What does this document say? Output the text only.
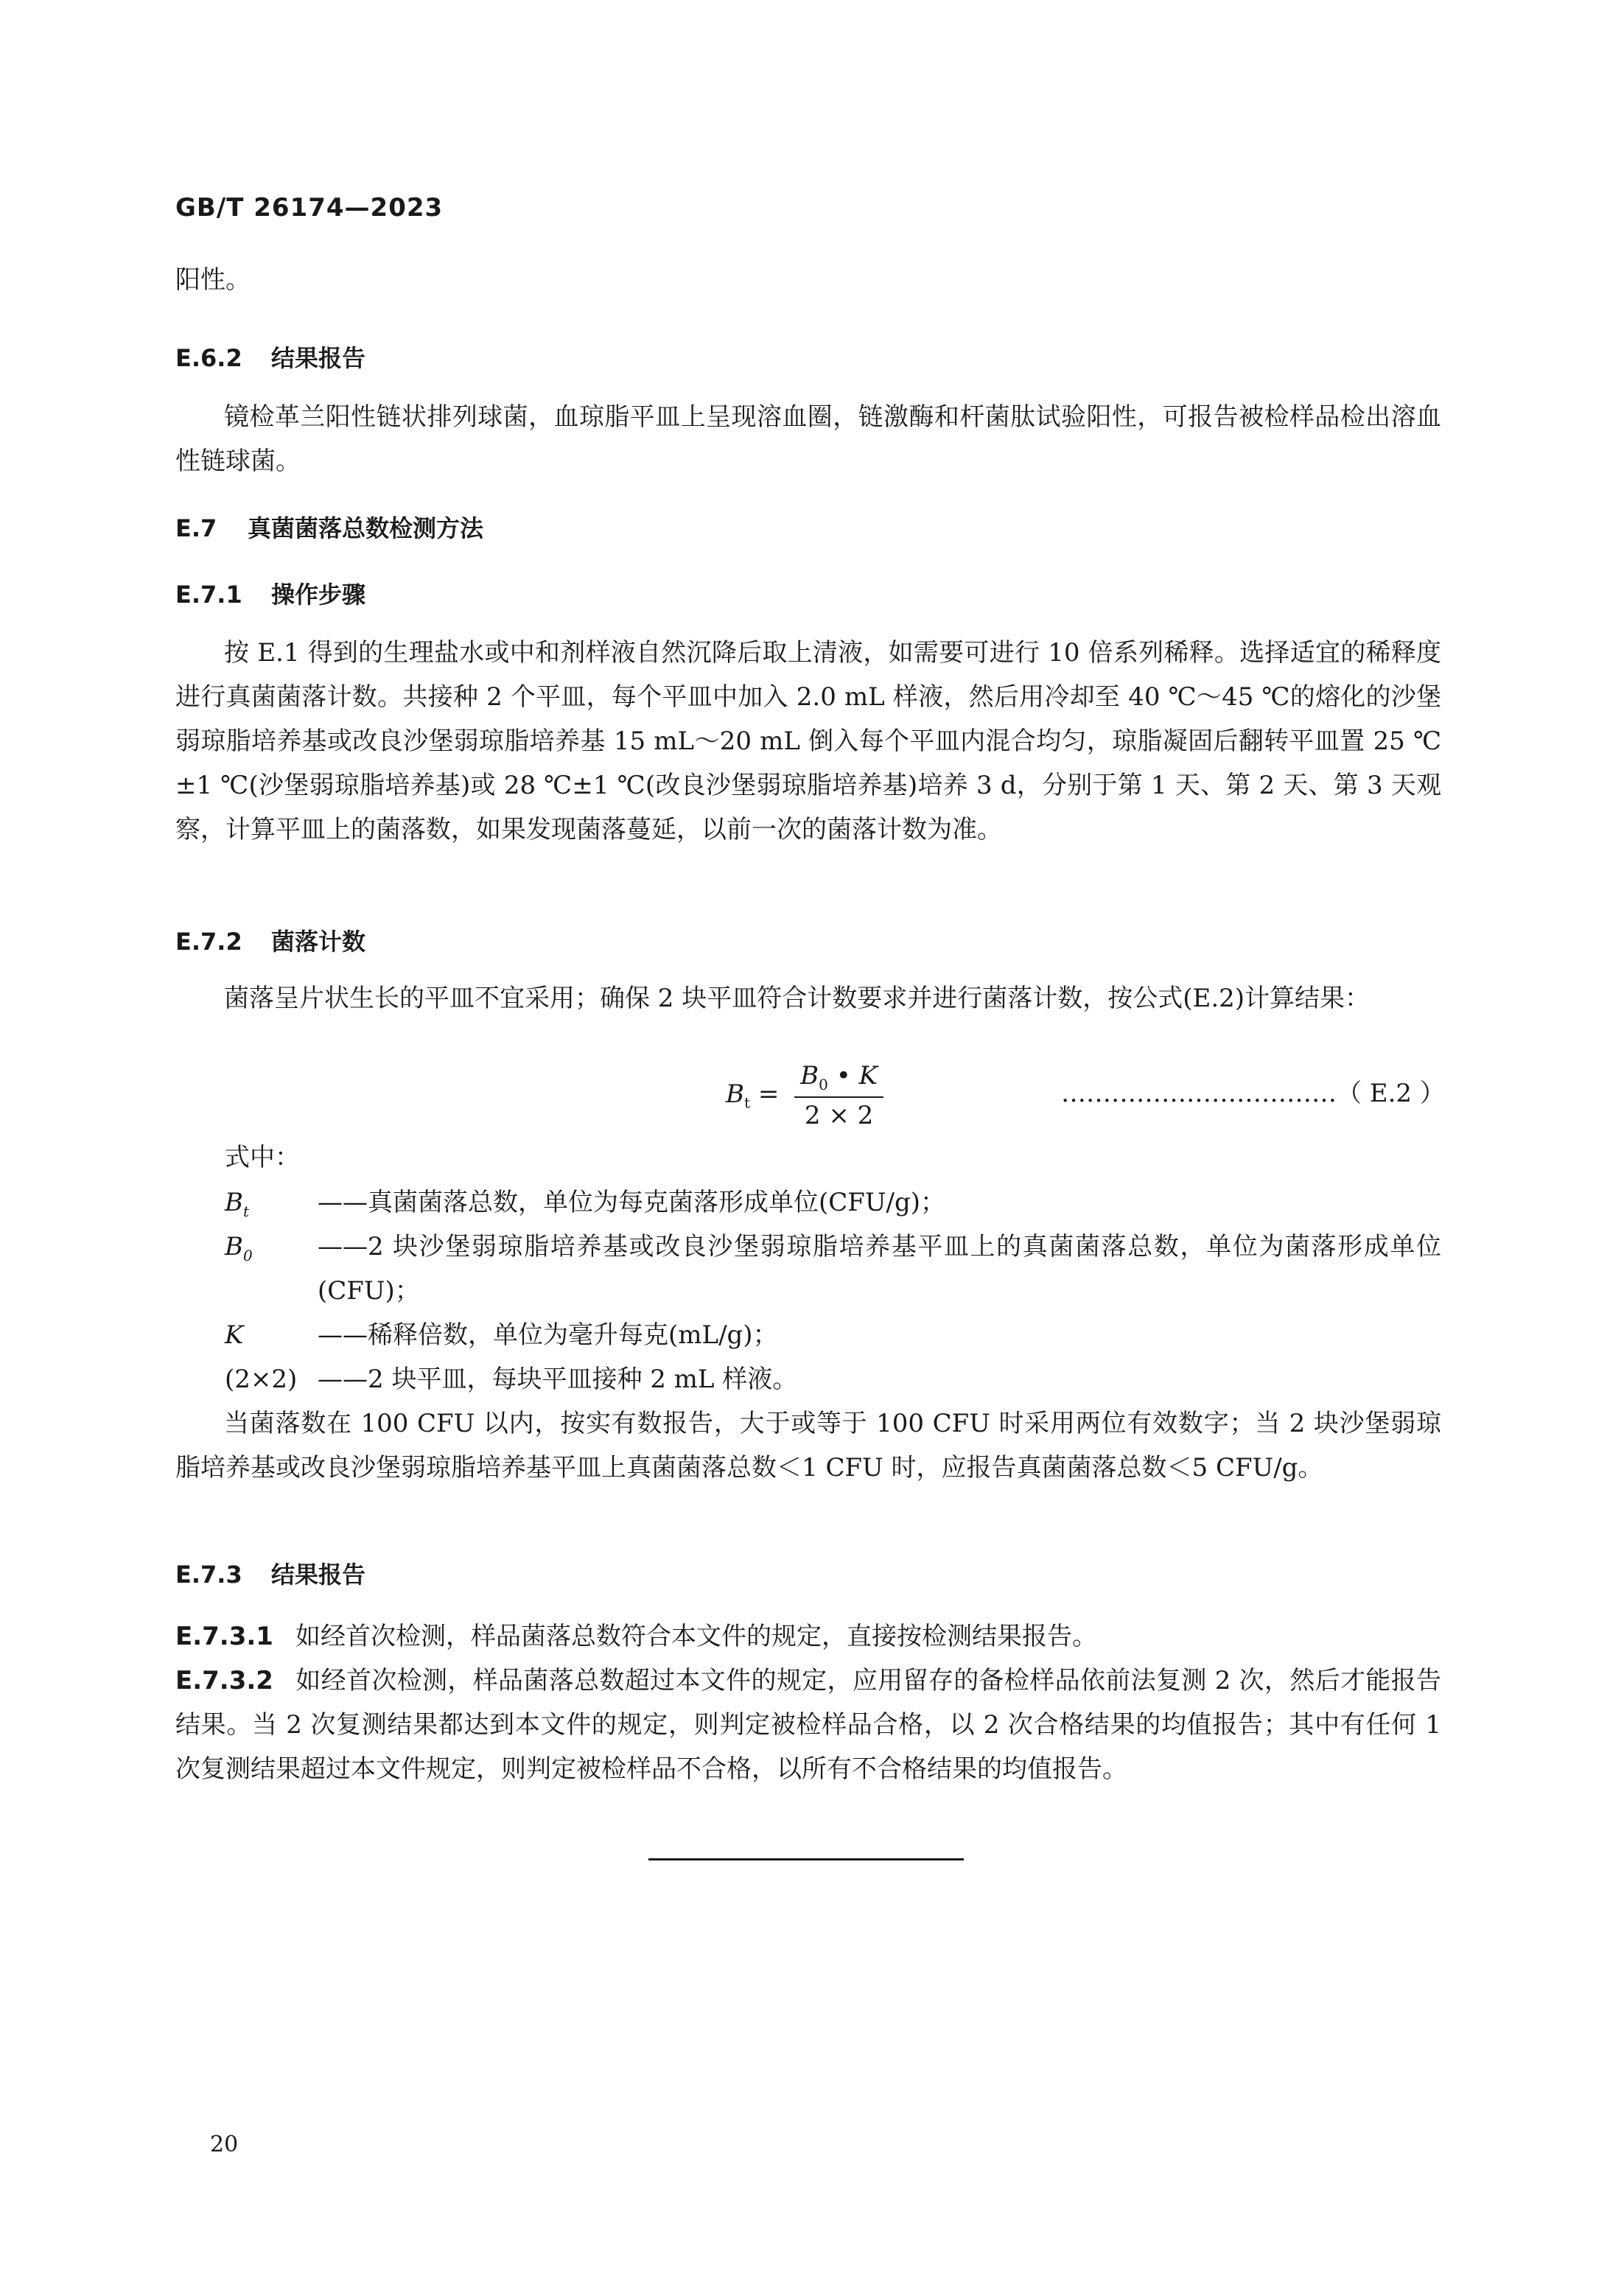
GB/T 26174—2023
阳性。
E.6.2 结果报告

镜检革兰阳性链状排列球菌，血琼脂平皿上呈现溶血圈，链激酶和杆菌肽试验阳性，可报告被检样品检出溶血性链球菌。

E.7 真菌菌落总数检测方法
E.7.1 操作步骤

按 E.1 得到的生理盐水或中和剂样液自然沉降后取上清液，如需要可进行 10 倍系列稀释。选择适宜的稀释度进行真菌菌落计数。共接种 2 个平皿，每个平皿中加入 2.0 mL 样液，然后用冷却至 40 ℃～45 ℃的熔化的沙堡弱琼脂培养基或改良沙堡弱琼脂培养基 15 mL～20 mL 倒入每个平皿内混合均匀，琼脂凝固后翻转平皿置 25 ℃±1 ℃(沙堡弱琼脂培养基)或 28 ℃±1 ℃(改良沙堡弱琼脂培养基)培养 3 d，分别于第 1 天、第 2 天、第 3 天观察，计算平皿上的菌落数，如果发现菌落蔓延，以前一次的菌落计数为准。

E.7.2 菌落计数

菌落呈片状生长的平皿不宜采用；确保 2 块平皿符合计数要求并进行菌落计数，按公式(E.2)计算结果：

$B_t = \frac{B_0 • K}{2 \times 2}$	……………………………（ E.2 ）
式中：
$B_t$	——真菌菌落总数，单位为每克菌落形成单位(CFU/g)；
$B_0$	——2 块沙堡弱琼脂培养基或改良沙堡弱琼脂培养基平皿上的真菌菌落总数，单位为菌落形成单位(CFU)；
K	——稀释倍数，单位为毫升每克(mL/g)；
(2×2) ——2 块平皿，每块平皿接种 2 mL 样液。

当菌落数在 100 CFU 以内，按实有数报告，大于或等于 100 CFU 时采用两位有效数字；当 2 块沙堡弱琼脂培养基或改良沙堡弱琼脂培养基平皿上真菌菌落总数＜1 CFU 时，应报告真菌菌落总数＜5 CFU/g。

E.7.3 结果报告

E.7.3.1 如经首次检测，样品菌落总数符合本文件的规定，直接按检测结果报告。

E.7.3.2 如经首次检测，样品菌落总数超过本文件的规定，应用留存的备检样品依前法复测 2 次，然后才能报告结果。当 2 次复测结果都达到本文件的规定，则判定被检样品合格，以 2 次合格结果的均值报告；其中有任何 1 次复测结果超过本文件规定，则判定被检样品不合格，以所有不合格结果的均值报告。

20
